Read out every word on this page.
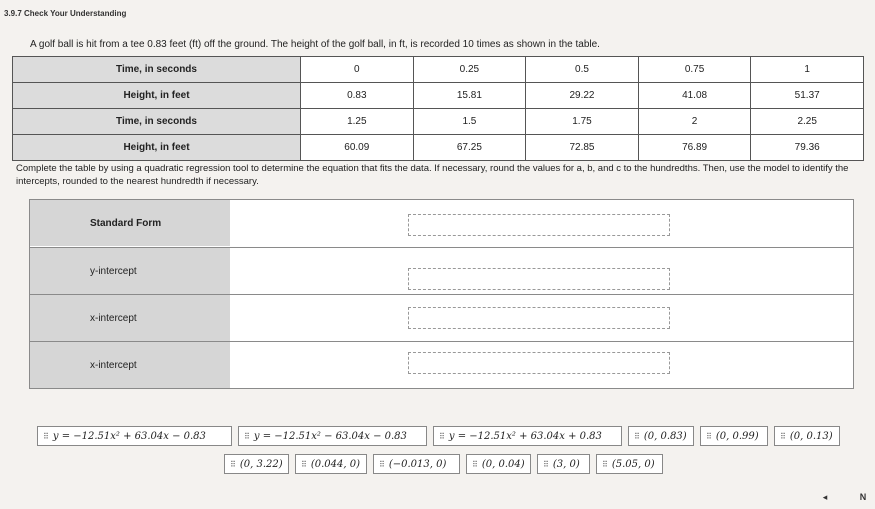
3.9.7 Check Your Understanding
A golf ball is hit from a tee 0.83 feet (ft) off the ground. The height of the golf ball, in ft, is recorded 10 times as shown in the table.
Time, in seconds	0	0.25	0.5	0.75	1
Height, in feet	0.83	15.81	29.22	41.08	51.37
Time, in seconds	1.25	1.5	1.75	2	2.25
Height, in feet	60.09	67.25	72.85	76.89	79.36
Complete the table by using a quadratic regression tool to determine the equation that fits the data. If necessary, round the values for a, b, and c to the hundredths. Then, use the model to identify the intercepts, rounded to the nearest hundredth if necessary.
Standard Form
y-intercept
x-intercept
x-intercept
⠿ y = −12.51x² + 63.04x − 0.83	⠿ y = −12.51x² − 63.04x − 0.83	⠿ y = −12.51x² + 63.04x + 0.83	⠿ (0, 0.83) ⠿ (0, 0.99)	⠿ (0, 0.13)
⠿ (0, 3.22) ⠿ (0.044, 0) ⠿ (−0.013, 0)	⠿ (0, 0.04) ⠿ (3, 0)	⠿ (5.05, 0)
◂	N
